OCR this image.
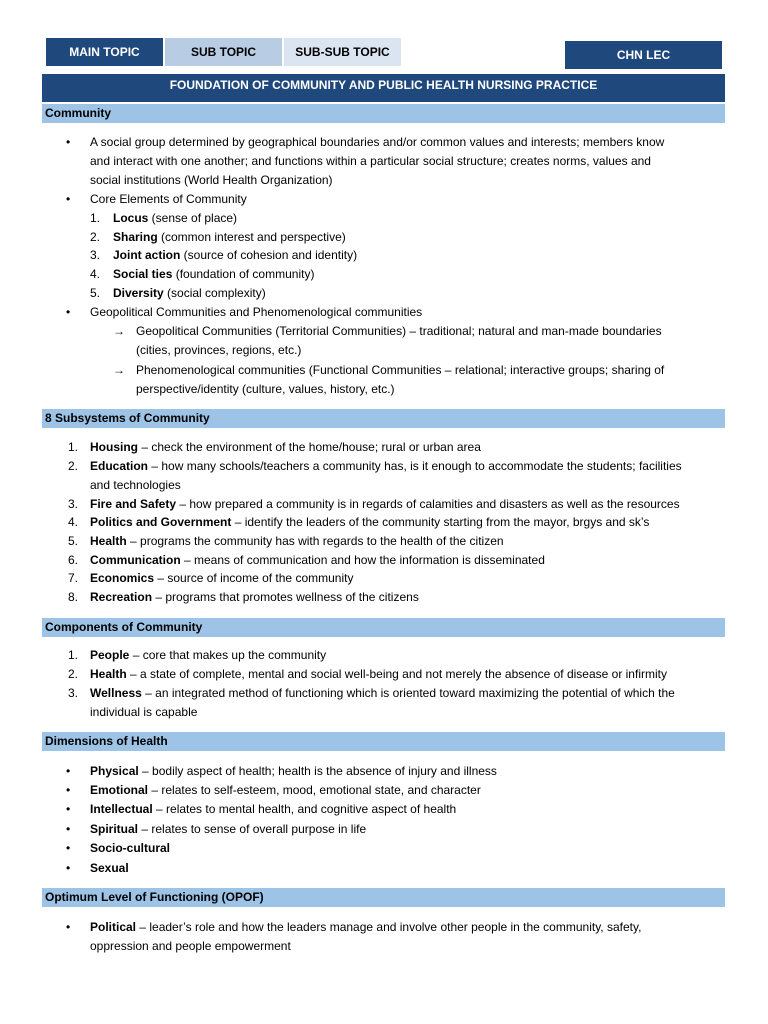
MAIN TOPIC	SUB TOPIC	SUB-SUB TOPIC	CHN LEC
FOUNDATION OF COMMUNITY AND PUBLIC HEALTH NURSING PRACTICE
Community
• A social group determined by geographical boundaries and/or common values and interests; members know
and interact with one another; and functions within a particular social structure; creates norms, values and
social institutions (World Health Organization)
• Core Elements of Community
1. Locus (sense of place)
2. Sharing (common interest and perspective)
3. Joint action (source of cohesion and identity)
4. Social ties (foundation of community)
5. Diversity (social complexity)
• Geopolitical Communities and Phenomenological communities
→ Geopolitical Communities (Territorial Communities) – traditional; natural and man-made boundaries
(cities, provinces, regions, etc.)
→ Phenomenological communities (Functional Communities – relational; interactive groups; sharing of
perspective/identity (culture, values, history, etc.)
8 Subsystems of Community
1. Housing – check the environment of the home/house; rural or urban area
2. Education – how many schools/teachers a community has, is it enough to accommodate the students; facilities
and technologies
3. Fire and Safety – how prepared a community is in regards of calamities and disasters as well as the resources
4. Politics and Government – identify the leaders of the community starting from the mayor, brgys and sk’s
5. Health – programs the community has with regards to the health of the citizen
6. Communication – means of communication and how the information is disseminated
7. Economics – source of income of the community
8. Recreation – programs that promotes wellness of the citizens
Components of Community
1. People – core that makes up the community
2. Health – a state of complete, mental and social well-being and not merely the absence of disease or infirmity
3. Wellness – an integrated method of functioning which is oriented toward maximizing the potential of which the
individual is capable
Dimensions of Health
• Physical – bodily aspect of health; health is the absence of injury and illness
• Emotional – relates to self-esteem, mood, emotional state, and character
• Intellectual – relates to mental health, and cognitive aspect of health
• Spiritual – relates to sense of overall purpose in life
• Socio-cultural
• Sexual
Optimum Level of Functioning (OPOF)
• Political – leader’s role and how the leaders manage and involve other people in the community, safety,
oppression and people empowerment
